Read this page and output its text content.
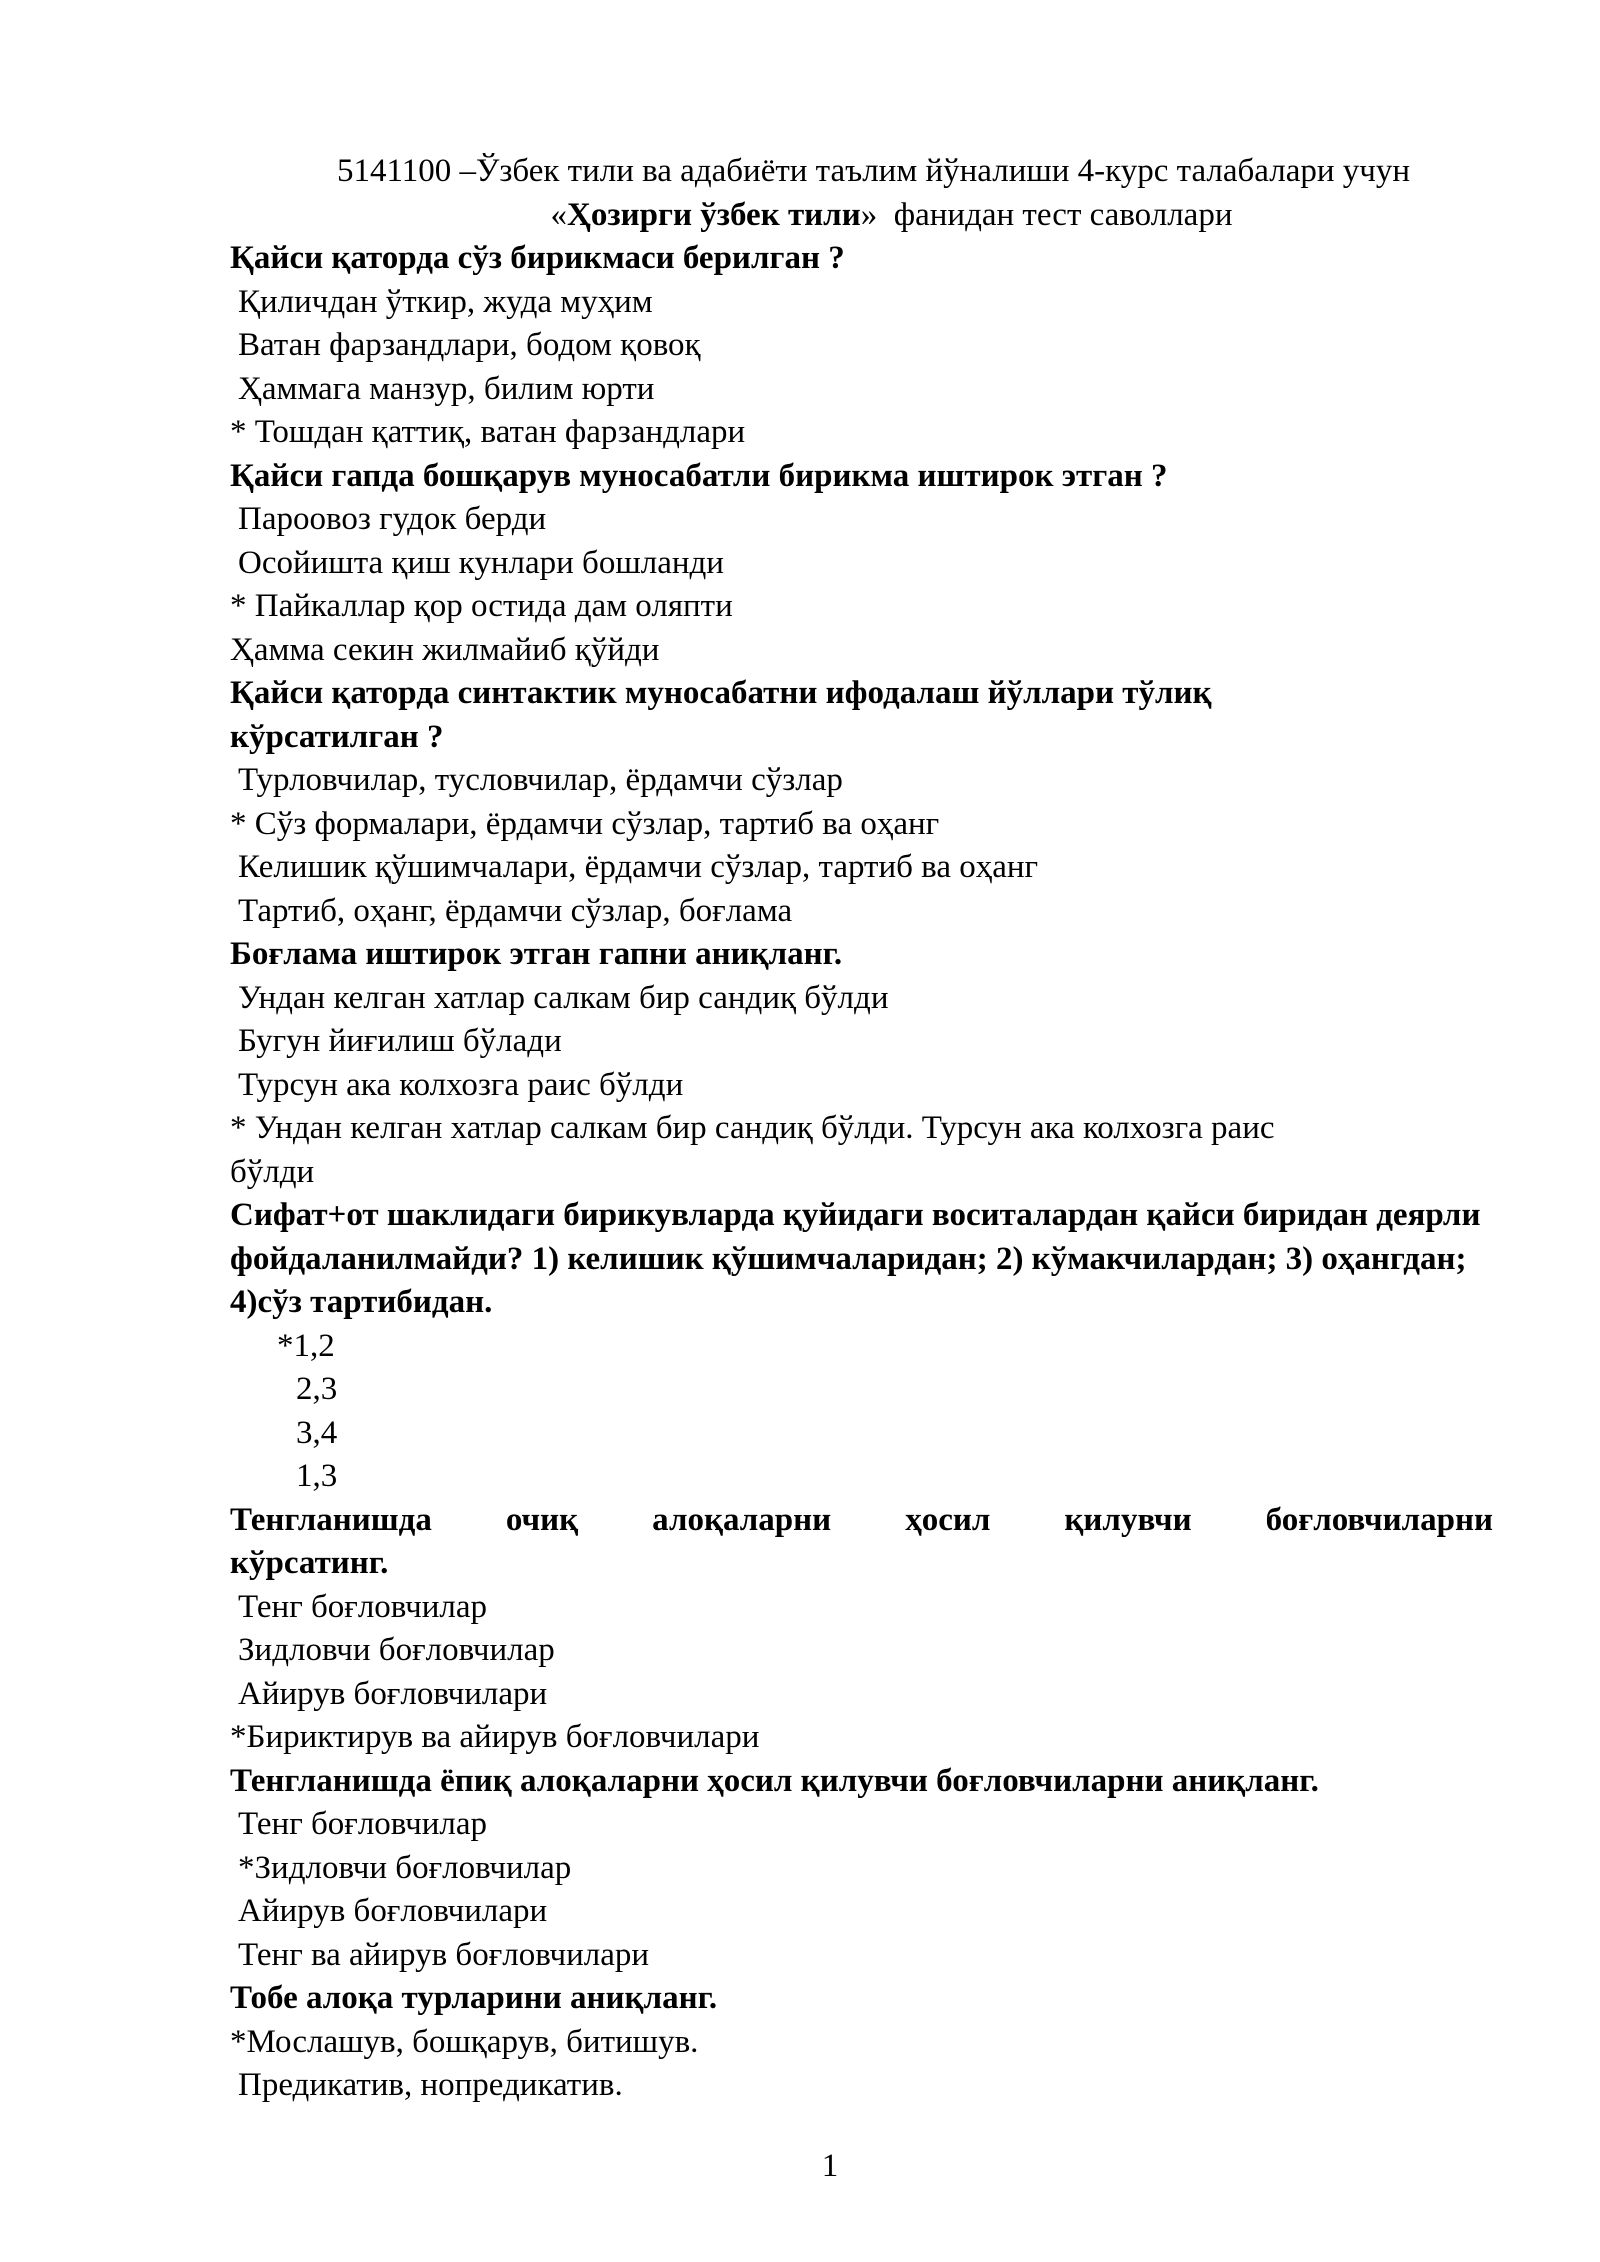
5141100 –Ўзбек тили ва адабиёти таълим йўналиши 4-курс талабалари учун
«Ҳозирги ўзбек тили»  фанидан тест саволлари
Қайси қаторда сўз бирикмаси берилган ?
Қиличдан ўткир, жуда муҳим
Ватан фарзандлари, бодом қовоқ
Ҳаммага манзур, билим юрти
* Тошдан қаттиқ, ватан фарзандлари
Қайси гапда бошқарув муносабатли бирикма иштирок этган ?
Пароовоз гудок берди
Осойишта қиш кунлари бошланди
* Пайкаллар қор остида дам оляпти
Ҳамма секин жилмайиб қўйди
Қайси қаторда синтактик муносабатни ифодалаш йўллари тўлиқ
кўрсатилган ?
Турловчилар, тусловчилар, ёрдамчи сўзлар
* Сўз формалари, ёрдамчи сўзлар, тартиб ва оҳанг
Келишик қўшимчалари, ёрдамчи сўзлар, тартиб ва оҳанг
Тартиб, оҳанг, ёрдамчи сўзлар, боғлама
Боғлама иштирок этган гапни аниқланг.
Ундан келган хатлар салкам бир сандиқ бўлди
Бугун йиғилиш бўлади
Турсун ака колхозга раис бўлди
* Ундан келган хатлар салкам бир сандиқ бўлди. Турсун ака колхозга раис
бўлди
Сифат+от шаклидаги бирикувларда қуйидаги воситалардан қайси биридан деярли фойдаланилмайди? 1) келишик қўшимчаларидан; 2) кўмакчилардан; 3) оҳангдан; 4)сўз тартибидан.
*1,2
2,3
3,4
1,3
Тенгланишда очиқ алоқаларни ҳосил қилувчи боғловчиларни
кўрсатинг.
Тенг боғловчилар
Зидловчи боғловчилар
Айирув боғловчилари
*Бириктирув ва айирув боғловчилари
Тенгланишда ёпиқ алоқаларни ҳосил қилувчи боғловчиларни аниқланг.
Тенг боғловчилар
*Зидловчи боғловчилар
Айирув боғловчилари
Тенг ва айирув боғловчилари
Тобе алоқа турларини аниқланг.
*Мослашув, бошқарув, битишув.
Предикатив, нопредикатив.
1
